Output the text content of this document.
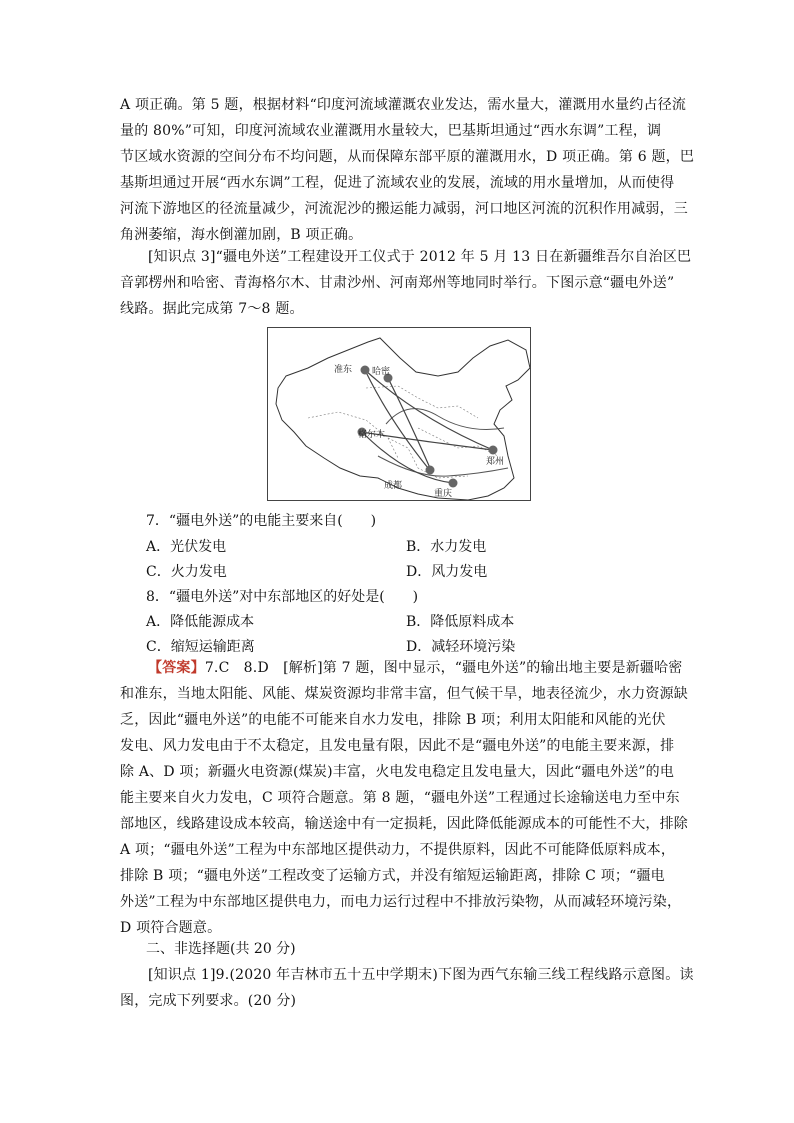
A 项正确。第 5 题，根据材料“印度河流域灌溉农业发达，需水量大，灌溉用水量约占径流
量的 80%”可知，印度河流域农业灌溉用水量较大，巴基斯坦通过“西水东调”工程，调
节区域水资源的空间分布不均问题，从而保障东部平原的灌溉用水，D 项正确。第 6 题，巴
基斯坦通过开展“西水东调”工程，促进了流域农业的发展，流域的用水量增加，从而使得
河流下游地区的径流量减少，河流泥沙的搬运能力减弱，河口地区河流的沉积作用减弱，三
角洲萎缩，海水倒灌加剧，B 项正确。
[知识点 3]“疆电外送”工程建设开工仪式于 2012 年 5 月 13 日在新疆维吾尔自治区巴
音郭楞州和哈密、青海格尔木、甘肃沙州、河南郑州等地同时举行。下图示意“疆电外送”
线路。据此完成第 7～8 题。
准东 哈密
格尔木
成都
重庆
郑州
7．“疆电外送”的电能主要来自(　　)
A．光伏发电	B．水力发电
C．火力发电	D．风力发电
8．“疆电外送”对中东部地区的好处是(　　)
A．降低能源成本	B．降低原料成本
C．缩短运输距离	D．减轻环境污染
【答案】7.C　8.D　[解析]第 7 题，图中显示，“疆电外送”的输出地主要是新疆哈密
和准东，当地太阳能、风能、煤炭资源均非常丰富，但气候干旱，地表径流少，水力资源缺
乏，因此“疆电外送”的电能不可能来自水力发电，排除 B 项；利用太阳能和风能的光伏
发电、风力发电由于不太稳定，且发电量有限，因此不是“疆电外送”的电能主要来源，排
除 A、D 项；新疆火电资源(煤炭)丰富，火电发电稳定且发电量大，因此“疆电外送”的电
能主要来自火力发电，C 项符合题意。第 8 题，“疆电外送”工程通过长途输送电力至中东
部地区，线路建设成本较高，输送途中有一定损耗，因此降低能源成本的可能性不大，排除
A 项；“疆电外送”工程为中东部地区提供动力，不提供原料，因此不可能降低原料成本，
排除 B 项；“疆电外送”工程改变了运输方式，并没有缩短运输距离，排除 C 项；“疆电
外送”工程为中东部地区提供电力，而电力运行过程中不排放污染物，从而减轻环境污染，
D 项符合题意。
二、非选择题(共 20 分)
[知识点 1]9.(2020 年吉林市五十五中学期末)下图为西气东输三线工程线路示意图。读
图，完成下列要求。(20 分)
